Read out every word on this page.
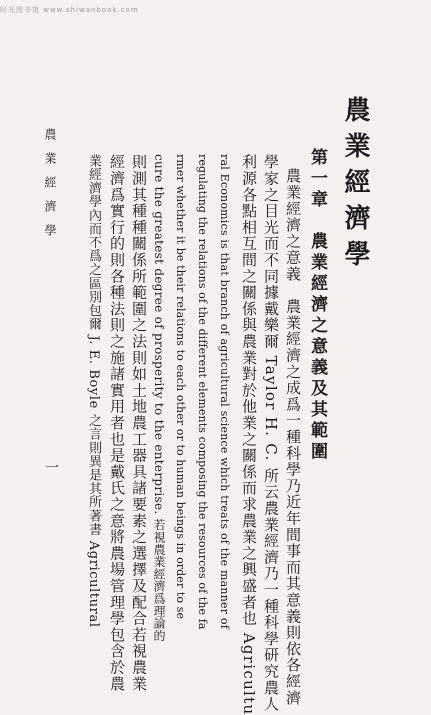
时光图书馆 www.shiwanbook.com
農業經濟學
第一章　農業經濟之意義及其範圍
農業經濟之意義　農業經濟之成爲一種科學乃近年間事而其意義則依各經濟
學家之目光而不同據戴樂爾 Taylor H. C. 所云農業經濟乃一種科學研究農人
利源各點相互間之關係與農業對於他業之關係而求農業之興盛者也 Agricultu
ral Economics is that branch of agricultural science which treats of the manner of
regulating the relations of the different elements composing the resources of the fa
rmer whether it be their relations to each other or to human beings in order to se
cure the greatest degree of prosperity to the enterprise. 若視農業經濟爲理論的
則測其種種關係所範圍之法則如土地農工器具諸要素之選擇及配合若視農業
經濟爲實行的則各種法則之施諸實用者也是戴氏之意將農場管理學包含於農
業經濟學內而不爲之區別包爾 J. E. Boyle 之言則異是其所著書 Agricultural
農業經濟學
一
